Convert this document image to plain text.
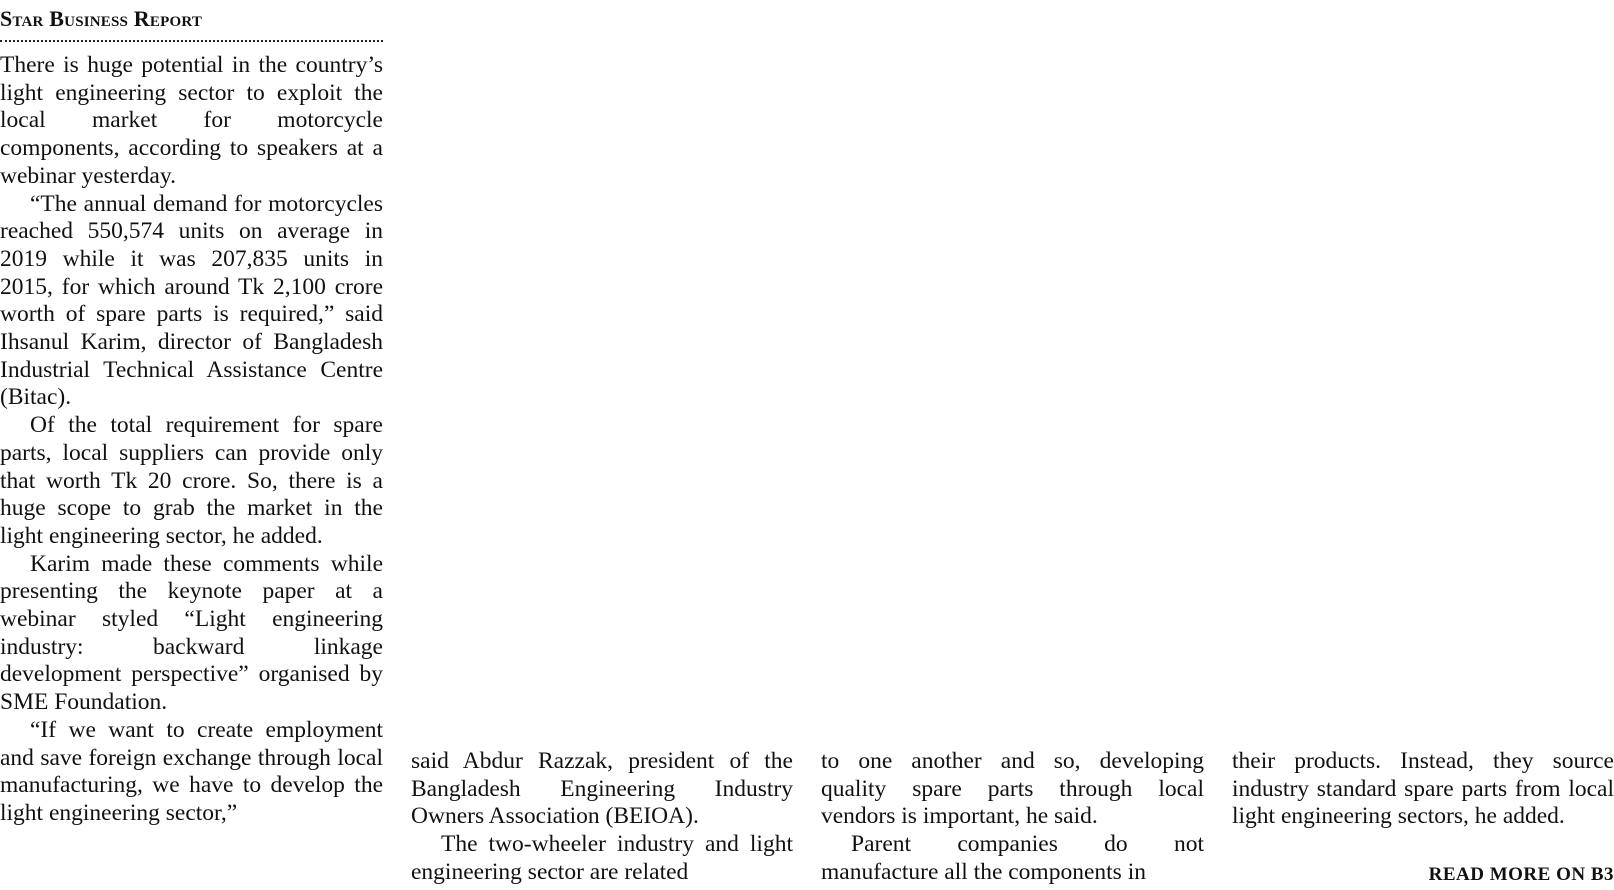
Star Business Report

There is huge potential in the country’s light engineering sector to exploit the local market for motorcycle components, according to speakers at a webinar yesterday.

“The annual demand for motorcycles reached 550,574 units on average in 2019 while it was 207,835 units in 2015, for which around Tk 2,100 crore worth of spare parts is required,” said Ihsanul Karim, director of Bangladesh Industrial Technical Assistance Centre (Bitac).

Of the total requirement for spare parts, local suppliers can provide only that worth Tk 20 crore. So, there is a huge scope to grab the market in the light engineering sector, he added.

Karim made these comments while presenting the keynote paper at a webinar styled “Light engineering industry: backward linkage development perspective” organised by SME Foundation.

“If we want to create employment and save foreign exchange through local manufacturing, we have to develop the light engineering sector,”

said Abdur Razzak, president of the Bangladesh Engineering Industry Owners Association (BEIOA).

The two-wheeler industry and light engineering sector are related

to one another and so, developing quality spare parts through local vendors is important, he said.

Parent companies do not manufacture all the components in

their products. Instead, they source industry standard spare parts from local light engineering sectors, he added.

READ MORE ON B3
